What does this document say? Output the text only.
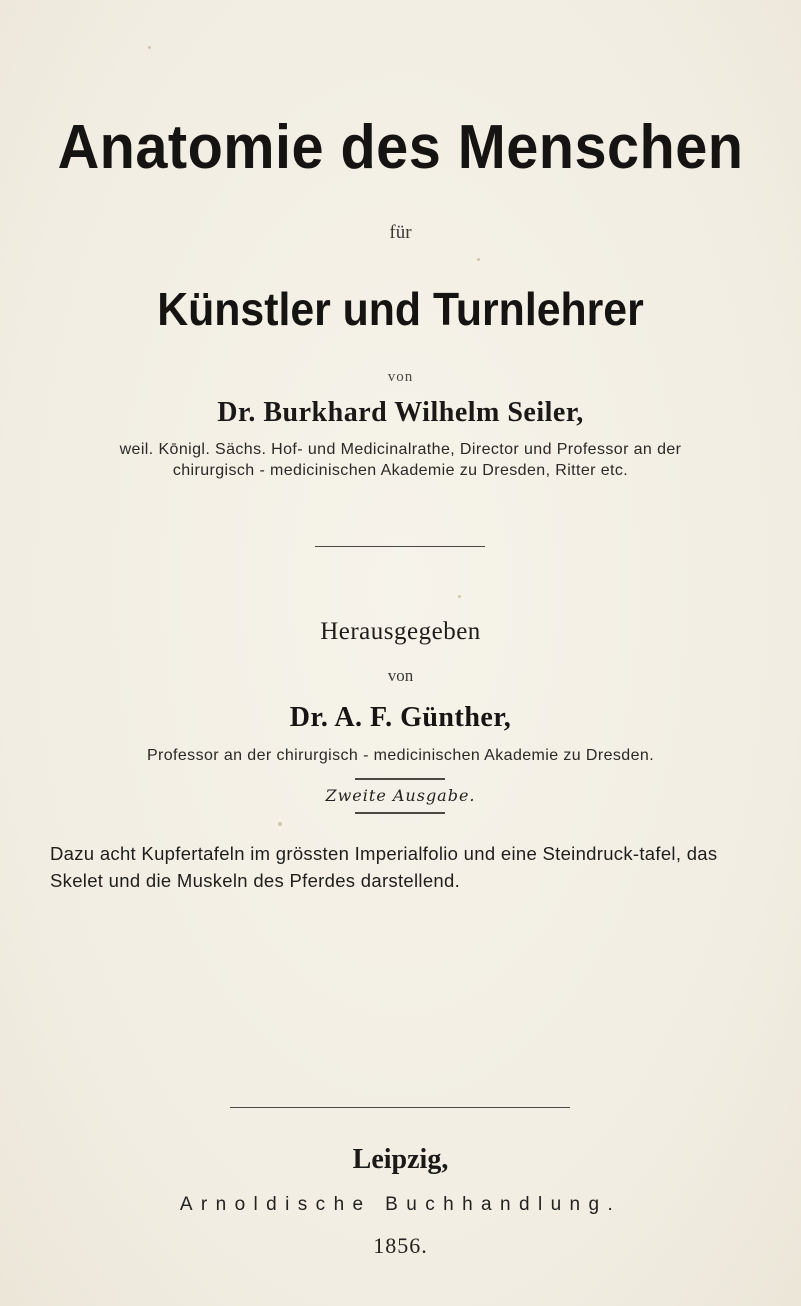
Anatomie des Menschen
für
Künstler und Turnlehrer
von
Dr. Burkhard Wilhelm Seiler,
weil. Kōnigl. Sächs. Hof- und Medicinalrathe, Director und Professor an der
chirurgisch - medicinischen Akademie zu Dresden, Ritter etc.
Herausgegeben
von
Dr. A. F. Günther,
Professor an der chirurgisch - medicinischen Akademie zu Dresden.
Zweite Ausgabe.
Dazu acht Kupfertafeln im grössten Imperialfolio und eine Steindruck-tafel, das Skelet und die Muskeln des Pferdes darstellend.
Leipzig,
Arnoldische Buchhandlung.
1856.
